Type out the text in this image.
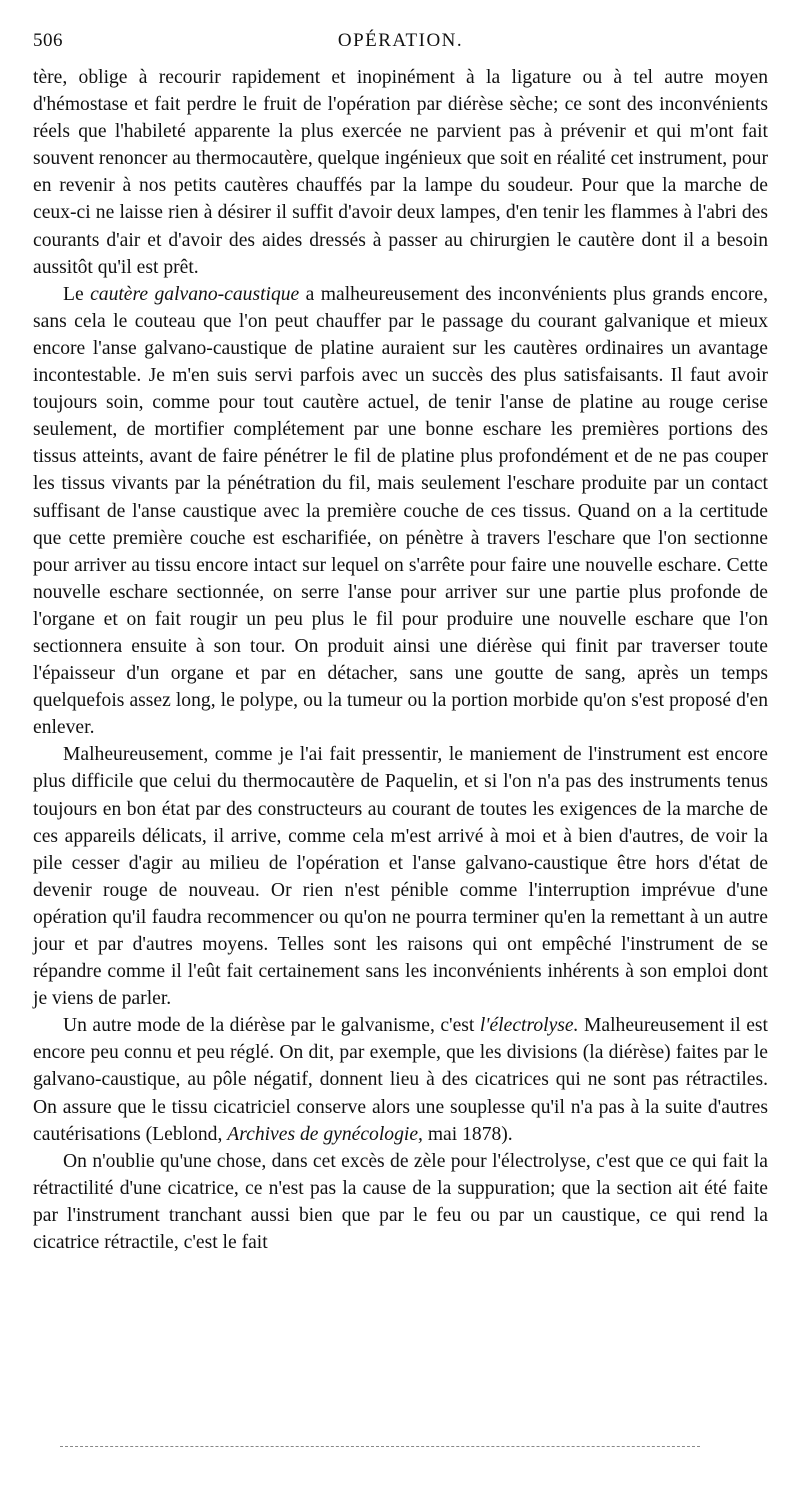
506	OPÉRATION.

tère, oblige à recourir rapidement et inopinément à la ligature ou à tel autre moyen d'hémostase et fait perdre le fruit de l'opération par diérèse sèche; ce sont des inconvénients réels que l'habileté apparente la plus exercée ne parvient pas à prévenir et qui m'ont fait souvent renoncer au thermocautère, quelque ingénieux que soit en réalité cet instrument, pour en revenir à nos petits cautères chauffés par la lampe du soudeur. Pour que la marche de ceux-ci ne laisse rien à désirer il suffit d'avoir deux lampes, d'en tenir les flammes à l'abri des courants d'air et d'avoir des aides dressés à passer au chirurgien le cautère dont il a besoin aussitôt qu'il est prêt.

Le cautère galvano-caustique a malheureusement des inconvénients plus grands encore, sans cela le couteau que l'on peut chauffer par le passage du courant galvanique et mieux encore l'anse galvano-caustique de platine auraient sur les cautères ordinaires un avantage incontestable. Je m'en suis servi parfois avec un succès des plus satisfaisants. Il faut avoir toujours soin, comme pour tout cautère actuel, de tenir l'anse de platine au rouge cerise seulement, de mortifier complétement par une bonne eschare les premières portions des tissus atteints, avant de faire pénétrer le fil de platine plus profondément et de ne pas couper les tissus vivants par la pénétration du fil, mais seulement l'eschare produite par un contact suffisant de l'anse caustique avec la première couche de ces tissus. Quand on a la certitude que cette première couche est escharifiée, on pénètre à travers l'eschare que l'on sectionne pour arriver au tissu encore intact sur lequel on s'arrête pour faire une nouvelle eschare. Cette nouvelle eschare sectionnée, on serre l'anse pour arriver sur une partie plus profonde de l'organe et on fait rougir un peu plus le fil pour produire une nouvelle eschare que l'on sectionnera ensuite à son tour. On produit ainsi une diérèse qui finit par traverser toute l'épaisseur d'un organe et par en détacher, sans une goutte de sang, après un temps quelquefois assez long, le polype, ou la tumeur ou la portion morbide qu'on s'est proposé d'en enlever.

Malheureusement, comme je l'ai fait pressentir, le maniement de l'instrument est encore plus difficile que celui du thermocautère de Paquelin, et si l'on n'a pas des instruments tenus toujours en bon état par des constructeurs au courant de toutes les exigences de la marche de ces appareils délicats, il arrive, comme cela m'est arrivé à moi et à bien d'autres, de voir la pile cesser d'agir au milieu de l'opération et l'anse galvano-caustique être hors d'état de devenir rouge de nouveau. Or rien n'est pénible comme l'interruption imprévue d'une opération qu'il faudra recommencer ou qu'on ne pourra terminer qu'en la remettant à un autre jour et par d'autres moyens. Telles sont les raisons qui ont empêché l'instrument de se répandre comme il l'eût fait certainement sans les inconvénients inhérents à son emploi dont je viens de parler.

Un autre mode de la diérèse par le galvanisme, c'est l'électrolyse. Malheureusement il est encore peu connu et peu réglé. On dit, par exemple, que les divisions (la diérèse) faites par le galvano-caustique, au pôle négatif, donnent lieu à des cicatrices qui ne sont pas rétractiles. On assure que le tissu cicatriciel conserve alors une souplesse qu'il n'a pas à la suite d'autres cautérisations (Leblond, Archives de gynécologie, mai 1878).

On n'oublie qu'une chose, dans cet excès de zèle pour l'électrolyse, c'est que ce qui fait la rétractilité d'une cicatrice, ce n'est pas la cause de la suppuration; que la section ait été faite par l'instrument tranchant aussi bien que par le feu ou par un caustique, ce qui rend la cicatrice rétractile, c'est le fait
